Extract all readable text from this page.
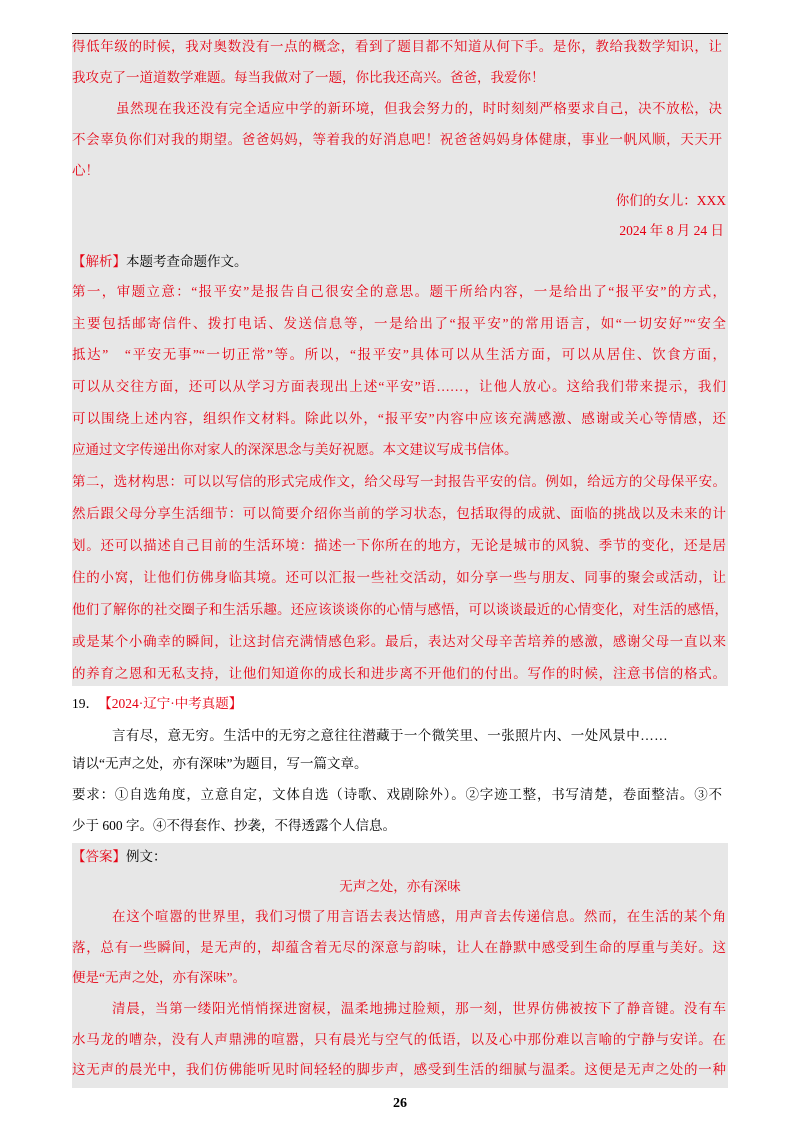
得低年级的时候，我对奥数没有一点的概念，看到了题目都不知道从何下手。是你，教给我数学知识，让
我攻克了一道道数学难题。每当我做对了一题，你比我还高兴。爸爸，我爱你！
虽然现在我还没有完全适应中学的新环境，但我会努力的，时时刻刻严格要求自己，决不放松，决
不会辜负你们对我的期望。爸爸妈妈，等着我的好消息吧！祝爸爸妈妈身体健康，事业一帆风顺，天天开
心！
你们的女儿：XXX
2024 年 8 月 24 日
【解析】本题考查命题作文。
第一，审题立意：“报平安”是报告自己很安全的意思。题干所给内容，一是给出了“报平安”的方式，
主要包括邮寄信件、拨打电话、发送信息等，一是给出了“报平安”的常用语言，如“一切安好”“安全
抵达”　“平安无事”“一切正常”等。所以，“报平安”具体可以从生活方面，可以从居住、饮食方面，
可以从交往方面，还可以从学习方面表现出上述“平安”语……，让他人放心。这给我们带来提示，我们
可以围绕上述内容，组织作文材料。除此以外，“报平安”内容中应该充满感激、感谢或关心等情感，还
应通过文字传递出你对家人的深深思念与美好祝愿。本文建议写成书信体。
第二，选材构思：可以以写信的形式完成作文，给父母写一封报告平安的信。例如，给远方的父母保平安。
然后跟父母分享生活细节：可以简要介绍你当前的学习状态，包括取得的成就、面临的挑战以及未来的计
划。还可以描述自己目前的生活环境：描述一下你所在的地方，无论是城市的风貌、季节的变化，还是居
住的小窝，让他们仿佛身临其境。还可以汇报一些社交活动，如分享一些与朋友、同事的聚会或活动，让
他们了解你的社交圈子和生活乐趣。还应该谈谈你的心情与感悟，可以谈谈最近的心情变化，对生活的感悟，
或是某个小确幸的瞬间，让这封信充满情感色彩。最后，表达对父母辛苦培养的感激，感谢父母一直以来
的养育之恩和无私支持，让他们知道你的成长和进步离不开他们的付出。写作的时候，注意书信的格式。
19． 【2024·辽宁·中考真题】
言有尽，意无穷。生活中的无穷之意往往潜藏于一个微笑里、一张照片内、一处风景中……
请以“无声之处，亦有深味”为题目，写一篇文章。
要求：①自选角度，立意自定，文体自选（诗歌、戏剧除外）。②字迹工整，书写清楚，卷面整洁。③不
少于 600 字。④不得套作、抄袭，不得透露个人信息。
【答案】例文：
无声之处，亦有深味
在这个喧嚣的世界里，我们习惯了用言语去表达情感，用声音去传递信息。然而，在生活的某个角
落，总有一些瞬间，是无声的，却蕴含着无尽的深意与韵味，让人在静默中感受到生命的厚重与美好。这
便是“无声之处，亦有深味”。
清晨，当第一缕阳光悄悄探进窗棂，温柔地拂过脸颊，那一刻，世界仿佛被按下了静音键。没有车
水马龙的嘈杂，没有人声鼎沸的喧嚣，只有晨光与空气的低语，以及心中那份难以言喻的宁静与安详。在
这无声的晨光中，我们仿佛能听见时间轻轻的脚步声，感受到生活的细腻与温柔。这便是无声之处的一种
26
